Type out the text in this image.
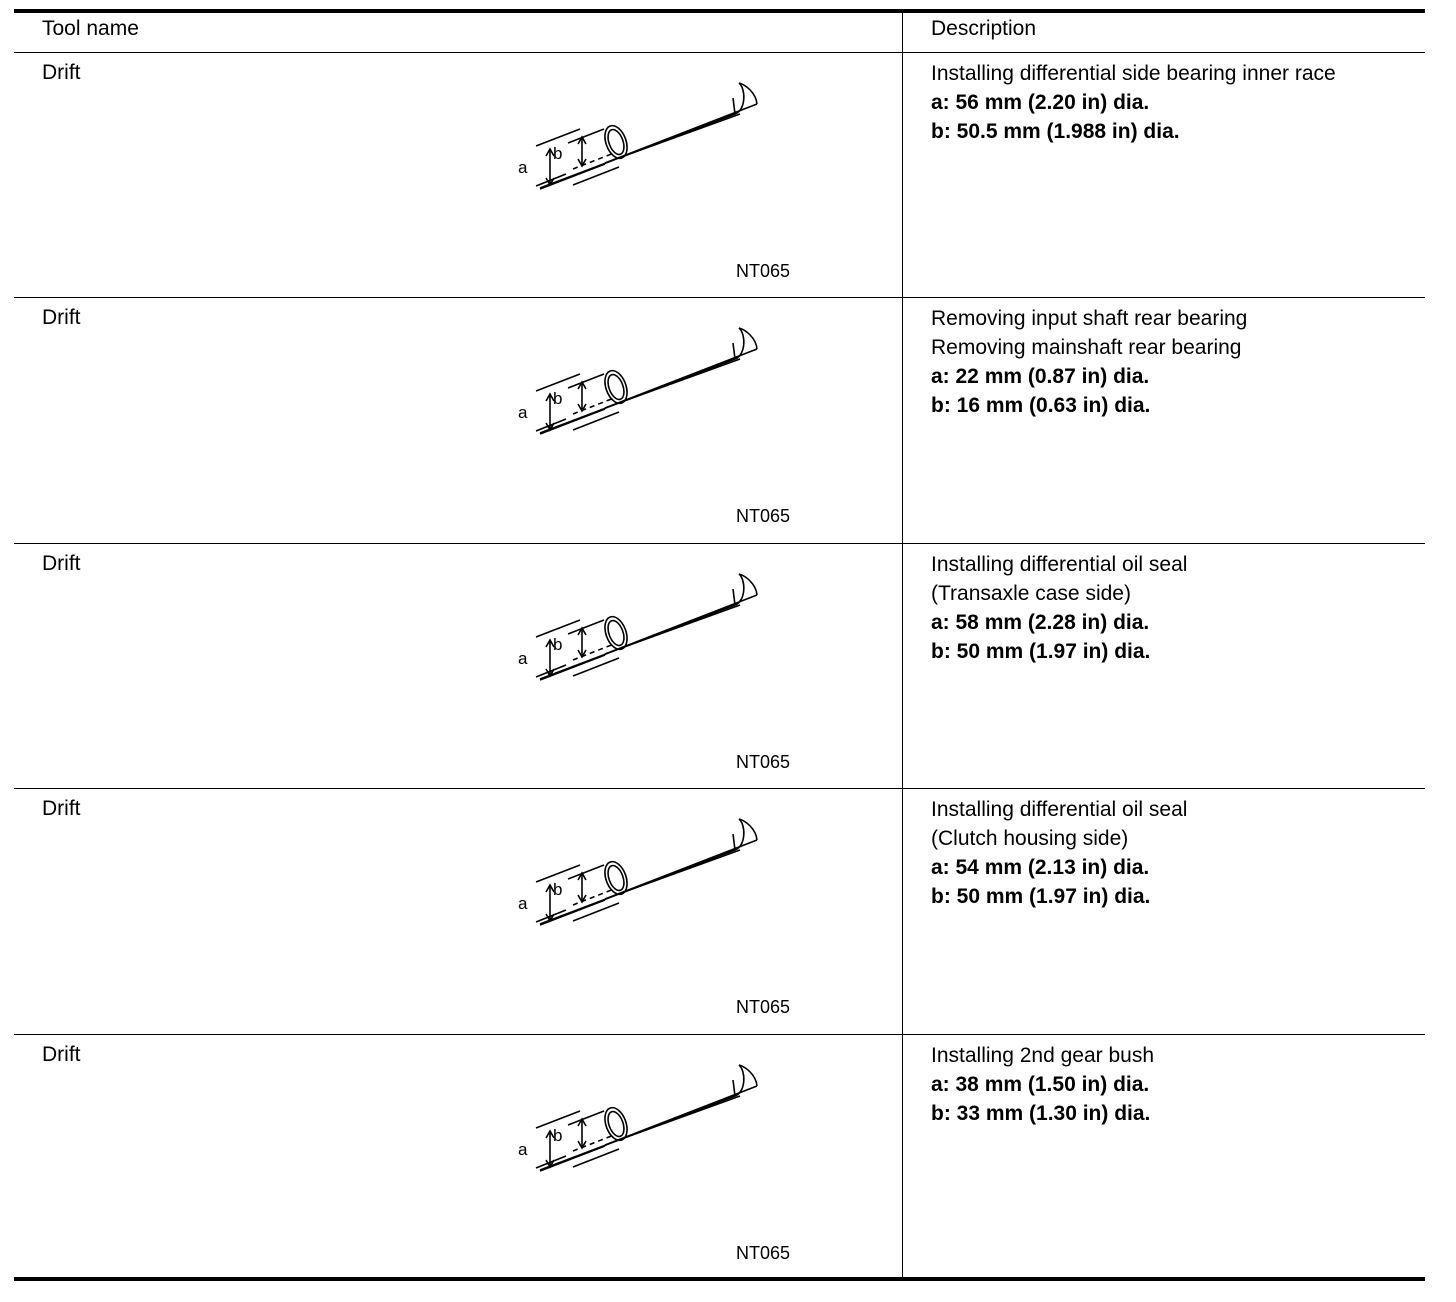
Tool name	Description
Drift
a
b
NT065
Installing differential side bearing inner race
a: 56 mm (2.20 in) dia.
b: 50.5 mm (1.988 in) dia.
Drift
a
b
NT065
Removing input shaft rear bearing
Removing mainshaft rear bearing
a: 22 mm (0.87 in) dia.
b: 16 mm (0.63 in) dia.
Drift
a
b
NT065
Installing differential oil seal
(Transaxle case side)
a: 58 mm (2.28 in) dia.
b: 50 mm (1.97 in) dia.
Drift
a
b
NT065
Installing differential oil seal
(Clutch housing side)
a: 54 mm (2.13 in) dia.
b: 50 mm (1.97 in) dia.
Drift
a
b
NT065
Installing 2nd gear bush
a: 38 mm (1.50 in) dia.
b: 33 mm (1.30 in) dia.
